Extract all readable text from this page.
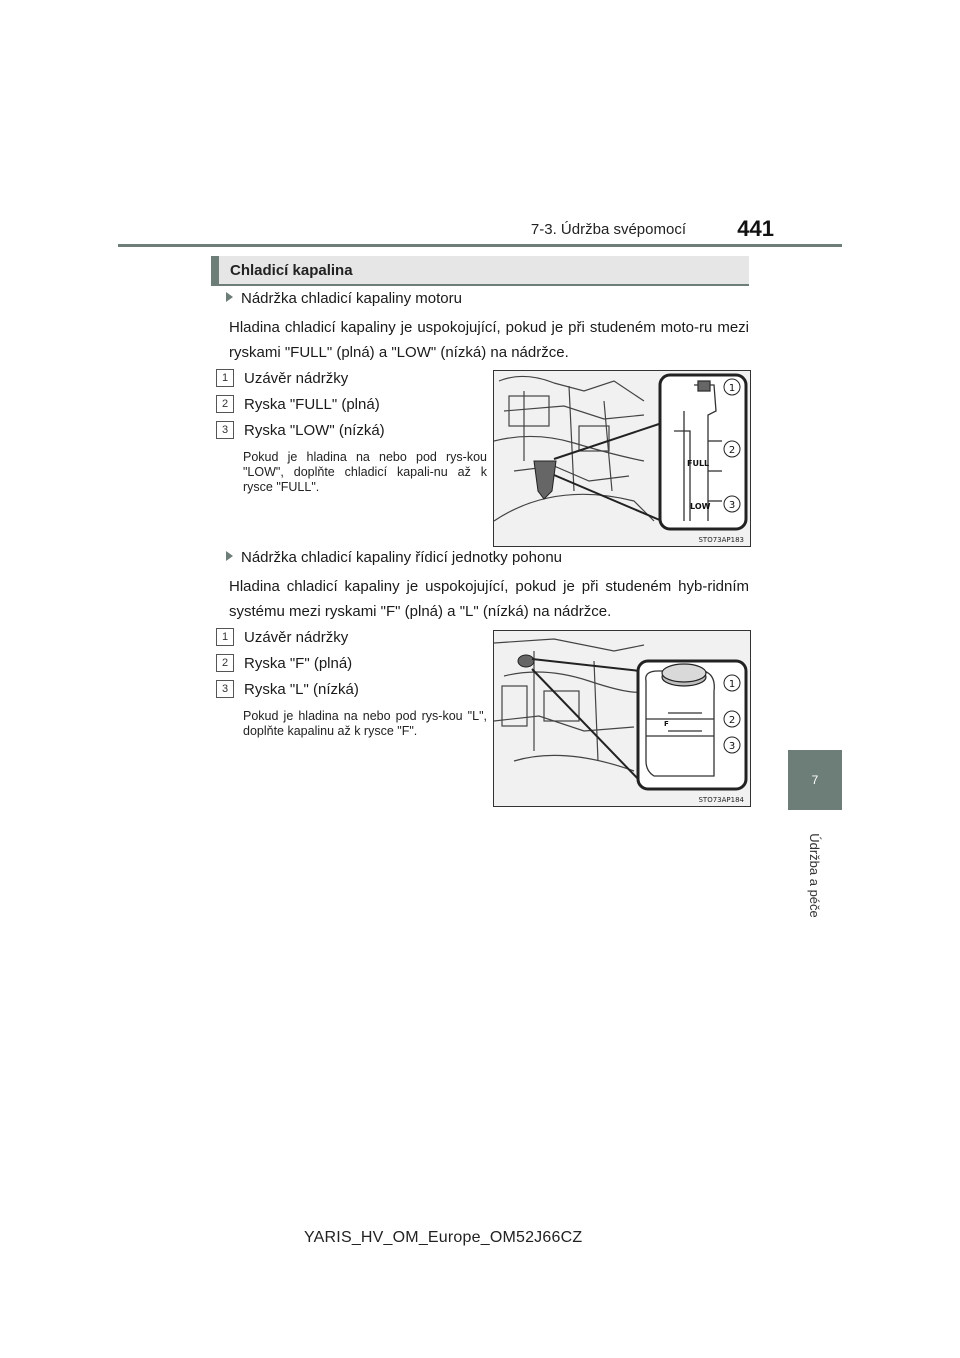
7-3. Údržba svépomocí	441
7
Údržba a péče
Chladicí kapalina
Nádržka chladicí kapaliny motoru
Hladina chladicí kapaliny je uspokojující, pokud je při studeném moto-ru mezi ryskami "FULL" (plná) a "LOW" (nízká) na nádržce.
1	Uzávěr nádržky
2	Ryska "FULL" (plná)
3	Ryska "LOW" (nízká)
Pokud je hladina na nebo pod rys-kou "LOW", doplňte chladicí kapali-nu až k rysce "FULL".
FULL
LOW
1
2
3
STO73AP183
Nádržka chladicí kapaliny řídicí jednotky pohonu
Hladina chladicí kapaliny je uspokojující, pokud je při studeném hyb-ridním systému mezi ryskami "F" (plná) a "L" (nízká) na nádržce.
1	Uzávěr nádržky
2	Ryska "F" (plná)
3	Ryska "L" (nízká)
Pokud je hladina na nebo pod rys-kou "L", doplňte kapalinu až k rysce "F".	F
1
2
3
STO73AP184
YARIS_HV_OM_Europe_OM52J66CZ
